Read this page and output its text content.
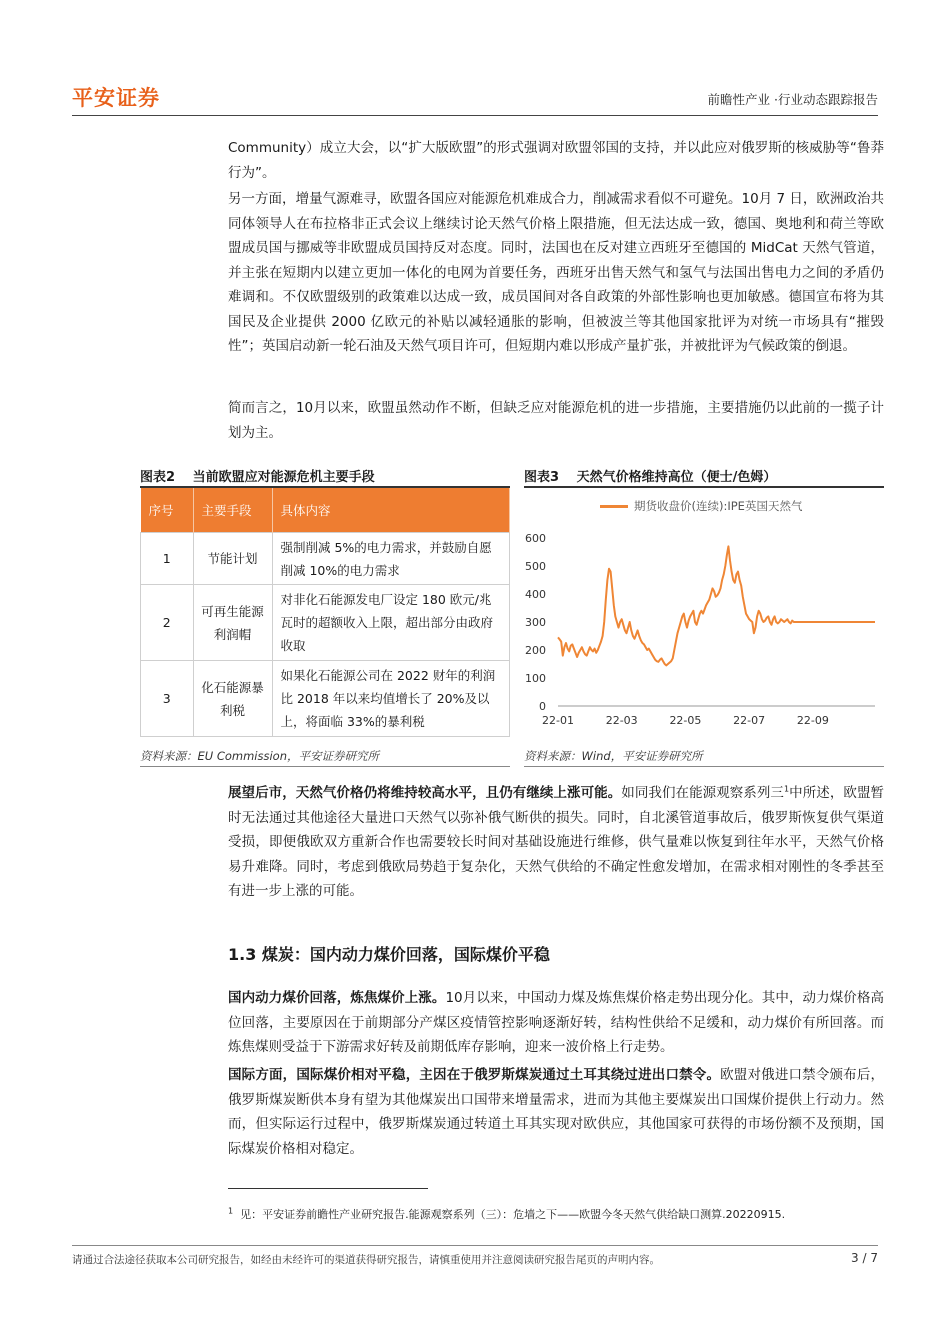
平安证券	前瞻性产业 ·行业动态跟踪报告

Community）成立大会，以“扩大版欧盟”的形式强调对欧盟邻国的支持，并以此应对俄罗斯的核威胁等“鲁莽行为”。

另一方面，增量气源难寻，欧盟各国应对能源危机难成合力，削减需求看似不可避免。10月 7 日，欧洲政治共同体领导人在布拉格非正式会议上继续讨论天然气价格上限措施，但无法达成一致，德国、奥地利和荷兰等欧盟成员国与挪威等非欧盟成员国持反对态度。同时，法国也在反对建立西班牙至德国的 MidCat 天然气管道，并主张在短期内以建立更加一体化的电网为首要任务，西班牙出售天然气和氢气与法国出售电力之间的矛盾仍难调和。不仅欧盟级别的政策难以达成一致，成员国间对各自政策的外部性影响也更加敏感。德国宣布将为其国民及企业提供 2000 亿欧元的补贴以减轻通胀的影响，但被波兰等其他国家批评为对统一市场具有“摧毁性”；英国启动新一轮石油及天然气项目许可，但短期内难以形成产量扩张，并被批评为气候政策的倒退。

简而言之，10月以来，欧盟虽然动作不断，但缺乏应对能源危机的进一步措施，主要措施仍以此前的一揽子计划为主。

图表2　 当前欧盟应对能源危机主要手段
序号	主要手段	具体内容
1	节能计划	强制削减 5%的电力需求，并鼓励自愿削减 10%的电力需求
2	可再生能源利润帽	对非化石能源发电厂设定 180 欧元/兆瓦时的超额收入上限，超出部分由政府收取
3	化石能源暴利税	如果化石能源公司在 2022 财年的利润比 2018 年以来均值增长了 20%及以上，将面临 33%的暴利税
资料来源：EU Commission，平安证券研究所
图表3　 天然气价格维持高位（便士/色姆）
期货收盘价(连续):IPE英国天然气
0
100
200
300
400
500
600
22-01	22-03	22-05	22-07	22-09
资料来源：Wind，平安证券研究所

展望后市，天然气价格仍将维持较高水平，且仍有继续上涨可能。如同我们在能源观察系列三$^1$中所述，欧盟暂时无法通过其他途径大量进口天然气以弥补俄气断供的损失。同时，自北溪管道事故后，俄罗斯恢复供气渠道受损，即便俄欧双方重新合作也需要较长时间对基础设施进行维修，供气量难以恢复到往年水平，天然气价格易升难降。同时，考虑到俄欧局势趋于复杂化，天然气供给的不确定性愈发增加，在需求相对刚性的冬季甚至有进一步上涨的可能。

1.3 煤炭：国内动力煤价回落，国际煤价平稳

国内动力煤价回落，炼焦煤价上涨。10月以来，中国动力煤及炼焦煤价格走势出现分化。其中，动力煤价格高位回落，主要原因在于前期部分产煤区疫情管控影响逐渐好转，结构性供给不足缓和，动力煤价有所回落。而炼焦煤则受益于下游需求好转及前期低库存影响，迎来一波价格上行走势。

国际方面，国际煤价相对平稳，主因在于俄罗斯煤炭通过土耳其绕过进出口禁令。欧盟对俄进口禁令颁布后，俄罗斯煤炭断供本身有望为其他煤炭出口国带来增量需求，进而为其他主要煤炭出口国煤价提供上行动力。然而，但实际运行过程中，俄罗斯煤炭通过转道土耳其实现对欧供应，其他国家可获得的市场份额不及预期，国际煤炭价格相对稳定。

$^1$ 见：平安证券前瞻性产业研究报告.能源观察系列（三）：危墙之下——欧盟今冬天然气供给缺口测算.20220915.
请通过合法途径获取本公司研究报告，如经由未经许可的渠道获得研究报告，请慎重使用并注意阅读研究报告尾页的声明内容。	3 / 7
